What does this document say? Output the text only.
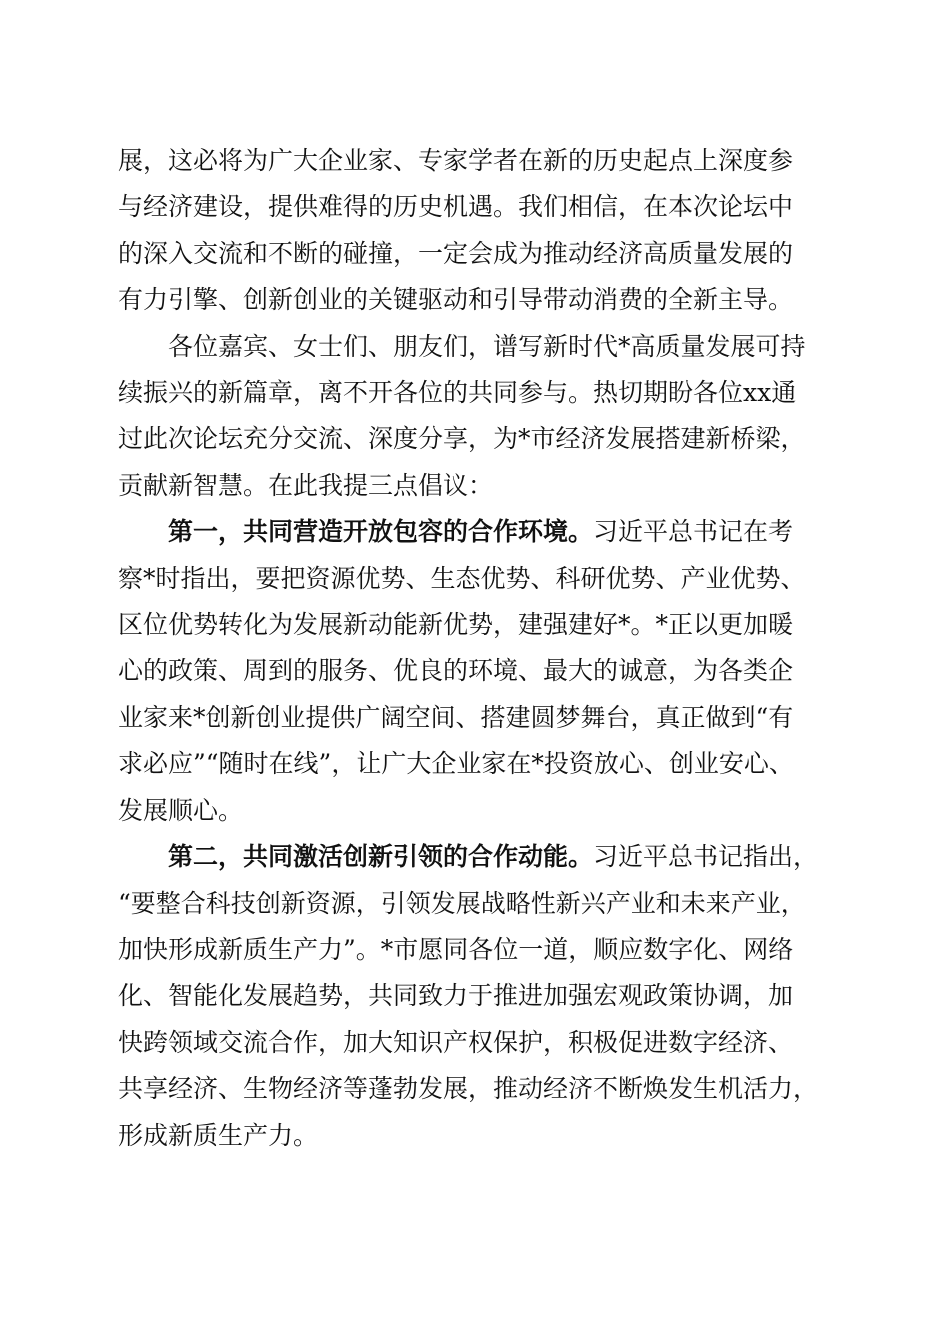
展，这必将为广大企业家、专家学者在新的历史起点上深度参
与经济建设，提供难得的历史机遇。我们相信，在本次论坛中
的深入交流和不断的碰撞，一定会成为推动经济高质量发展的
有力引擎、创新创业的关键驱动和引导带动消费的全新主导。
各位嘉宾、女士们、朋友们，谱写新时代*高质量发展可持
续振兴的新篇章，离不开各位的共同参与。热切期盼各位xx通
过此次论坛充分交流、深度分享，为*市经济发展搭建新桥梁，
贡献新智慧。在此我提三点倡议：
第一，共同营造开放包容的合作环境。习近平总书记在考
察*时指出，要把资源优势、生态优势、科研优势、产业优势、
区位优势转化为发展新动能新优势，建强建好*。*正以更加暖
心的政策、周到的服务、优良的环境、最大的诚意，为各类企
业家来*创新创业提供广阔空间、搭建圆梦舞台，真正做到“有
求必应”“随时在线”，让广大企业家在*投资放心、创业安心、
发展顺心。
第二，共同激活创新引领的合作动能。习近平总书记指出，
“要整合科技创新资源，引领发展战略性新兴产业和未来产业，
加快形成新质生产力”。*市愿同各位一道，顺应数字化、网络
化、智能化发展趋势，共同致力于推进加强宏观政策协调，加
快跨领域交流合作，加大知识产权保护，积极促进数字经济、
共享经济、生物经济等蓬勃发展，推动经济不断焕发生机活力，
形成新质生产力。
